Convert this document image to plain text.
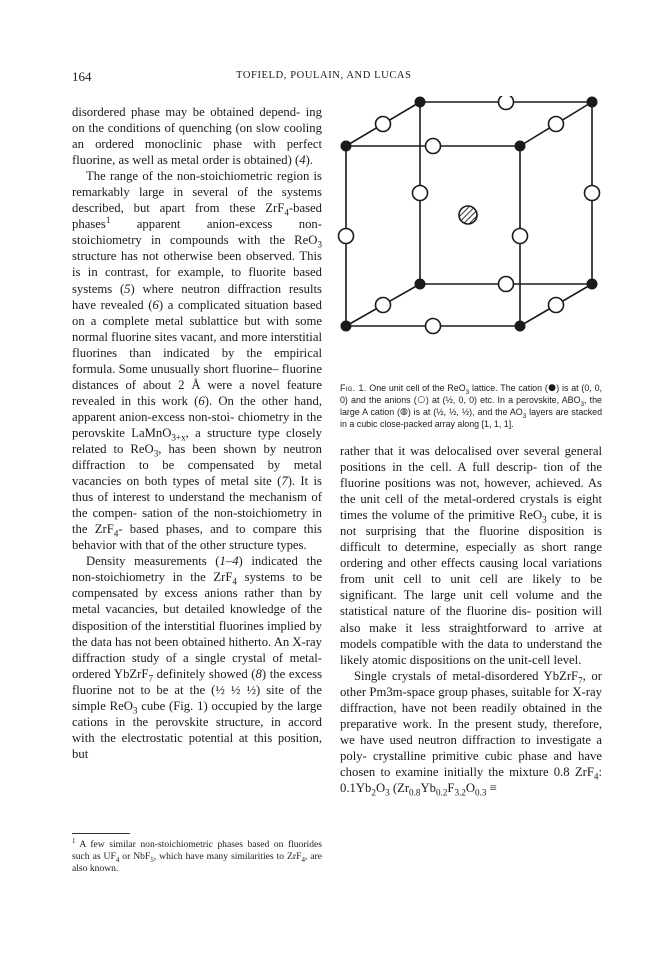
164	TOFIELD, POULAIN, AND LUCAS

disordered phase may be obtained depend- ing on the conditions of quenching (on slow cooling an ordered monoclinic phase with perfect fluorine, as well as metal order is obtained) (4).

The range of the non-stoichiometric region is remarkably large in several of the systems described, but apart from these ZrF$_4$-based phases$^1$ apparent anion-excess non-stoichiometry in compounds with the ReO$_3$ structure has not otherwise been observed. This is in contrast, for example, to fluorite based systems (5) where neutron diffraction results have revealed (6) a complicated situation based on a complete metal sublattice but with some normal fluorine sites vacant, and more interstitial fluorines than indicated by the empirical formula. Some unusually short fluorine– fluorine distances of about 2 Å were a novel feature revealed in this work (6). On the other hand, apparent anion-excess non-stoi- chiometry in the perovskite LaMnO$_{3+x}$, a structure type closely related to ReO$_3$, has been shown by neutron diffraction to be compensated by metal vacancies on both types of metal site (7). It is thus of interest to understand the mechanism of the compen- sation of the non-stoichiometry in the ZrF$_4$- based phases, and to compare this behavior with that of the other structure types.

Density measurements (1–4) indicated the non-stoichiometry in the ZrF$_4$ systems to be compensated by excess anions rather than by metal vacancies, but detailed knowledge of the disposition of the interstitial fluorines implied by the data has not been obtained hitherto. An X-ray diffraction study of a single crystal of metal-ordered YbZrF$_7$ definitely showed (8) the excess fluorine not to be at the (½ ½ ½) site of the simple ReO$_3$ cube (Fig. 1) occupied by the large cations in the perovskite structure, in accord with the electrostatic potential at this position, but

$^1$ A few similar non-stoichiometric phases based on fluorides such as $UF_4$ or NbF$_5$, which have many similarities to ZrF$_4$, are also known.
Fig. 1. One unit cell of the ReO$_3$ lattice. The cation (●) is at (0, 0, 0) and the anions (○) at (½, 0, 0) etc. In a perovskite, $ABO_3$, the large A cation (◍) is at (½, ½, ½), and the $AO_3$ layers are stacked in a cubic close-packed array along [1, 1, 1].

rather that it was delocalised over several general positions in the cell. A full descrip- tion of the fluorine positions was not, however, achieved. As the unit cell of the metal-ordered crystals is eight times the volume of the primitive ReO$_3$ cube, it is not surprising that the fluorine disposition is difficult to determine, especially as short range ordering and other effects causing local variations from unit cell to unit cell are likely to be significant. The large unit cell volume and the statistical nature of the fluorine dis- position will also make it less straightforward to arrive at models compatible with the data to understand the likely atomic dispositions on the unit-cell level.

Single crystals of metal-disordered YbZrF$_7$, or other Pm3m-space group phases, suitable for X-ray diffraction, have not been readily obtained in the preparative work. In the present study, therefore, we have used neutron diffraction to investigate a poly- crystalline primitive cubic phase and have chosen to examine initially the mixture 0.8 ZrF$_4$: $0.1Yb_2O_3$ ($Zr_{0.8}Yb_{0.2}F_{3.2}O_{0.3}$ ≡
